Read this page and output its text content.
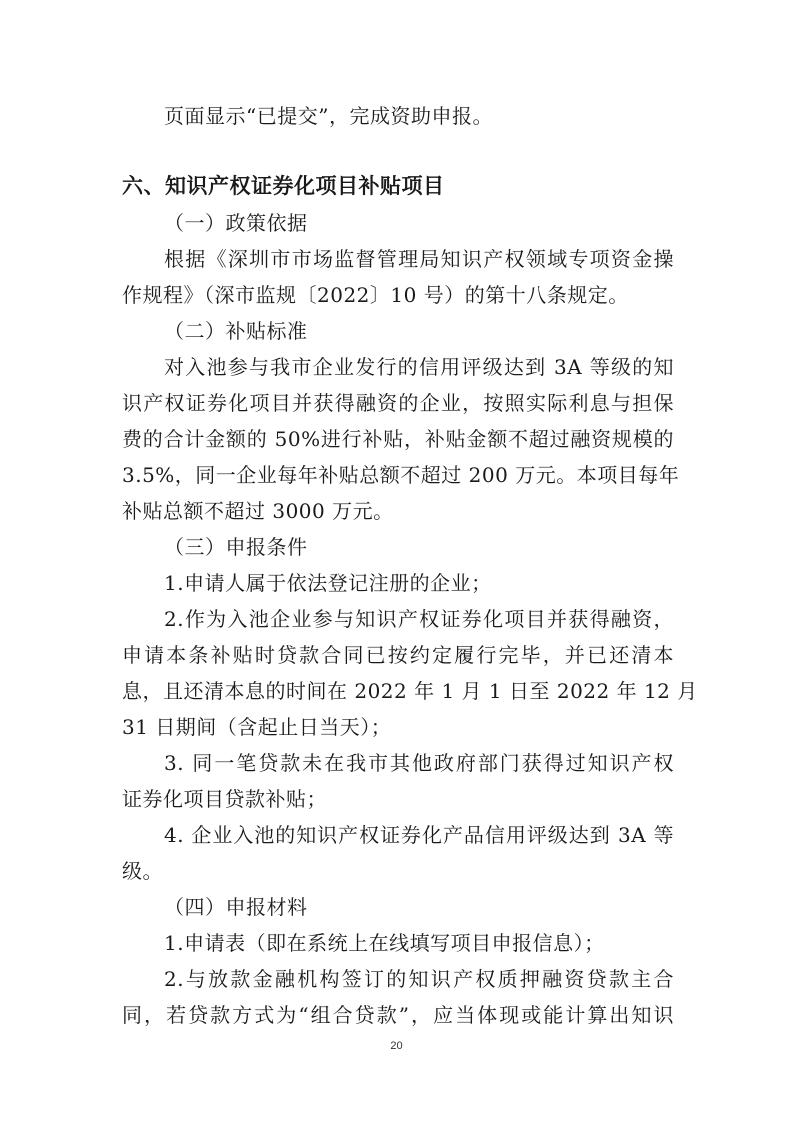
页面显示“已提交”，完成资助申报。
六、知识产权证券化项目补贴项目
（一）政策依据
根据《深圳市市场监督管理局知识产权领域专项资金操
作规程》（深市监规〔2022〕10 号）的第十八条规定。
（二）补贴标准
对入池参与我市企业发行的信用评级达到 3A 等级的知
识产权证券化项目并获得融资的企业，按照实际利息与担保
费的合计金额的 50%进行补贴，补贴金额不超过融资规模的
3.5%，同一企业每年补贴总额不超过 200 万元。本项目每年
补贴总额不超过 3000 万元。
（三）申报条件
1.申请人属于依法登记注册的企业；
2.作为入池企业参与知识产权证券化项目并获得融资，
申请本条补贴时贷款合同已按约定履行完毕，并已还清本
息，且还清本息的时间在 2022 年 1 月 1 日至 2022 年 12 月
31 日期间（含起止日当天）；
3. 同一笔贷款未在我市其他政府部门获得过知识产权
证券化项目贷款补贴；
4. 企业入池的知识产权证券化产品信用评级达到 3A 等
级。
（四）申报材料
1.申请表（即在系统上在线填写项目申报信息）；
2.与放款金融机构签订的知识产权质押融资贷款主合
同，若贷款方式为“组合贷款”，应当体现或能计算出知识
20
